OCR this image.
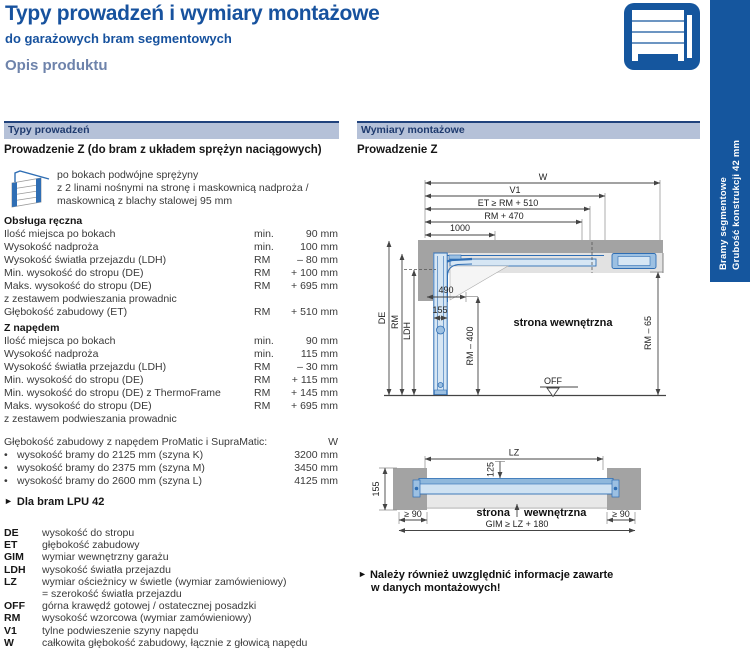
Typy prowadzeń i wymiary montażowe
do garażowych bram segmentowych
Opis produktu
Bramy segmentowe Grubość konstrukcji 42 mm
Typy prowadzeń	Wymiary montażowe
Prowadzenie Z (do bram z układem sprężyn naciągowych)
po bokach podwójne sprężyny
z 2 linami nośnymi na stronę i maskownicą nadproża /
maskownicą z blachy stalowej 95 mm
Obsługa ręczna
Ilość miejsca po bokach	min.	90 mm
Wysokość nadproża	min.	100 mm
Wysokość światła przejazdu (LDH)	RM	– 80 mm
Min. wysokość do stropu (DE)	RM	+ 100 mm
Maks. wysokość do stropu (DE)	RM	+ 695 mm
z zestawem podwieszania prowadnic
Głębokość zabudowy (ET)	RM	+ 510 mm
Z napędem
Ilość miejsca po bokach	min.	90 mm
Wysokość nadproża	min.	115 mm
Wysokość światła przejazdu (LDH)	RM	– 30 mm
Min. wysokość do stropu (DE)	RM	+ 115 mm
Min. wysokość do stropu (DE) z ThermoFrame	RM	+ 145 mm
Maks. wysokość do stropu (DE)	RM	+ 695 mm
z zestawem podwieszania prowadnic
Głębokość zabudowy z napędem ProMatic i SupraMatic:	W
• wysokość bramy do 2125 mm (szyna K)	3200 mm
• wysokość bramy do 2375 mm (szyna M)	3450 mm
• wysokość bramy do 2600 mm (szyna L)	4125 mm
► Dla bram LPU 42
DE	wysokość do stropu
ET	głębokość zabudowy
GIM	wymiar wewnętrzny garażu
LDH	wysokość światła przejazdu
LZ	wymiar ościeżnicy w świetle (wymiar zamówieniowy)
= szerokość światła przejazdu
OFF	górna krawędź gotowej / ostatecznej posadzki
RM	wysokość wzorcowa (wymiar zamówieniowy)
V1	tylne podwieszenie szyny napędu
W	całkowita głębokość zabudowy, łącznie z głowicą napędu
Prowadzenie Z
W
V1
ET ≥ RM + 510
RM + 470
1000
DE RM LDH
490
RM – 400
155
strona wewnętrzna	RM – 65
OFF
LZ
125
155
≥ 90	≥ 90
strona wewnętrzna
GIM ≥ LZ + 180
► Należy również uwzględnić informacje zawarte
w danych montażowych!
